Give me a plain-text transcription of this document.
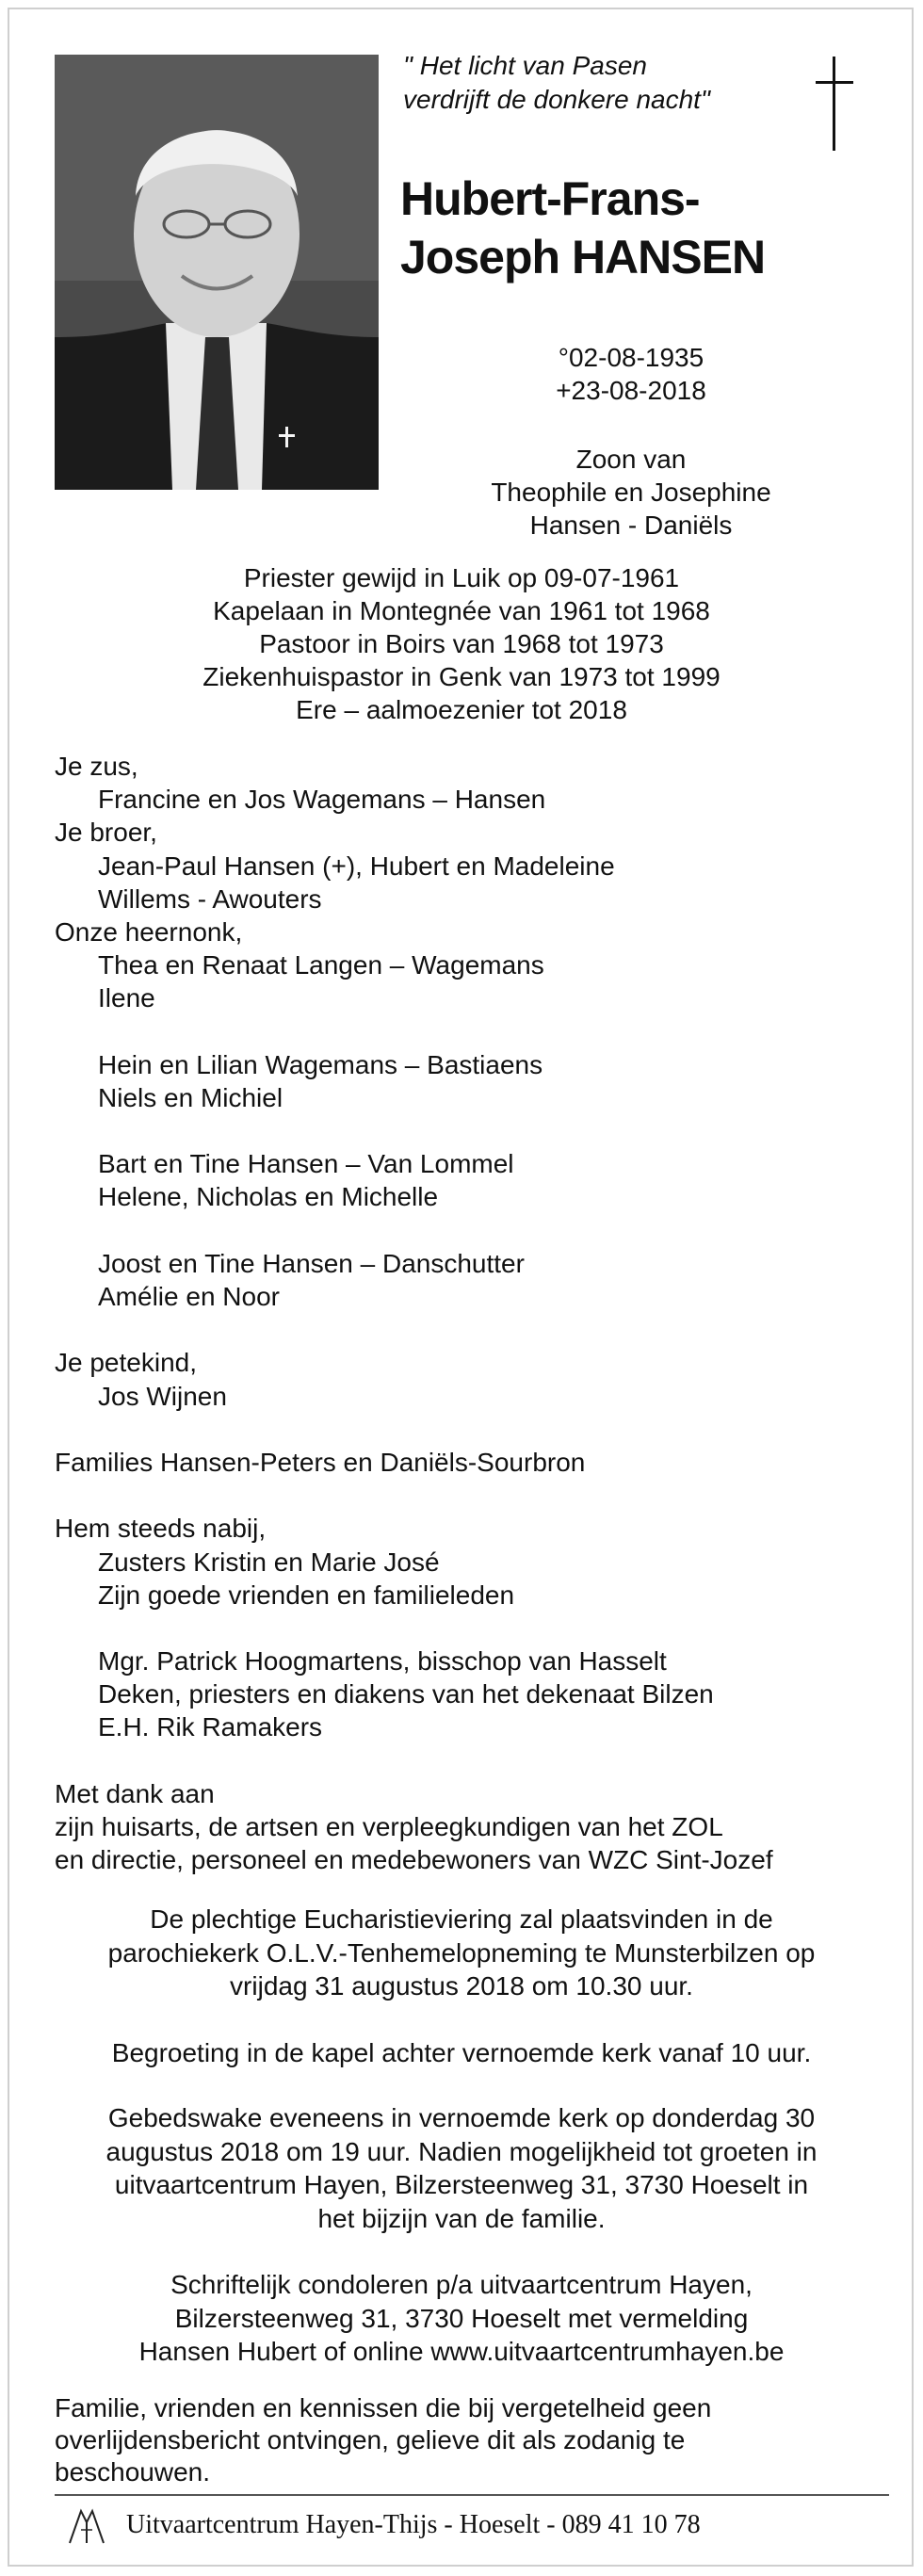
" Het licht van Pasen
verdrijft de donkere nacht"
Hubert-Frans-
Joseph HANSEN
°02-08-1935
+23-08-2018
Zoon van
Theophile en Josephine
Hansen - Daniëls
Priester gewijd in Luik op 09-07-1961
Kapelaan in Montegnée van 1961 tot 1968
Pastoor in Boirs van 1968 tot 1973
Ziekenhuispastor in Genk van 1973 tot 1999
Ere – aalmoezenier tot 2018
Je zus,
Francine en Jos Wagemans – Hansen
Je broer,
Jean-Paul Hansen (+), Hubert en Madeleine
Willems - Awouters
Onze heernonk,
Thea en Renaat Langen – Wagemans
Ilene
Hein en Lilian Wagemans – Bastiaens
Niels en Michiel
Bart en Tine Hansen – Van Lommel
Helene, Nicholas en Michelle
Joost en Tine Hansen – Danschutter
Amélie en Noor
Je petekind,
Jos Wijnen
Families Hansen-Peters en Daniëls-Sourbron
Hem steeds nabij,
Zusters Kristin en Marie José
Zijn goede vrienden en familieleden
Mgr. Patrick Hoogmartens, bisschop van Hasselt
Deken, priesters en diakens van het dekenaat Bilzen
E.H. Rik Ramakers
Met dank aan
zijn huisarts, de artsen en verpleegkundigen van het ZOL
en directie, personeel en medebewoners van WZC Sint-Jozef
De plechtige Eucharistieviering zal plaatsvinden in de
parochiekerk O.L.V.-Tenhemelopneming te Munsterbilzen op
vrijdag 31 augustus 2018 om 10.30 uur.
Begroeting in de kapel achter vernoemde kerk vanaf 10 uur.
Gebedswake eveneens in vernoemde kerk op donderdag 30
augustus 2018 om 19 uur. Nadien mogelijkheid tot groeten in
uitvaartcentrum Hayen, Bilzersteenweg 31, 3730 Hoeselt in
het bijzijn van de familie.
Schriftelijk condoleren p/a uitvaartcentrum Hayen,
Bilzersteenweg 31, 3730 Hoeselt met vermelding
Hansen Hubert of online www.uitvaartcentrumhayen.be
Familie, vrienden en kennissen die bij vergetelheid geen
overlijdensbericht ontvingen, gelieve dit als zodanig te
beschouwen.
Uitvaartcentrum Hayen-Thijs - Hoeselt - 089 41 10 78
